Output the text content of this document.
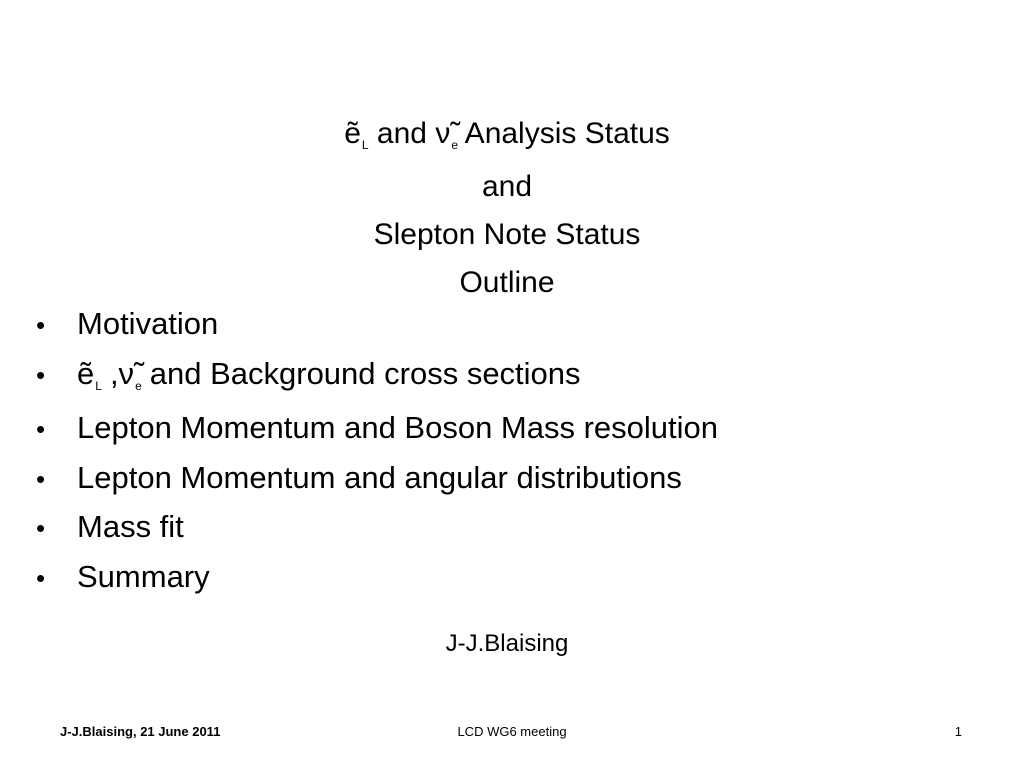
ẽ$_L$ and $\nũ_e$ Analysis Status
and
Slepton Note Status
Outline
•
Motivation
•
ẽL ,ν̃e and Background cross sections
•
Lepton Momentum and Boson Mass resolution
•
Lepton Momentum and angular distributions
•
Mass fit
•
Summary
J-J.Blaising
J-J.Blaising, 21 June 2011	LCD WG6 meeting	1
